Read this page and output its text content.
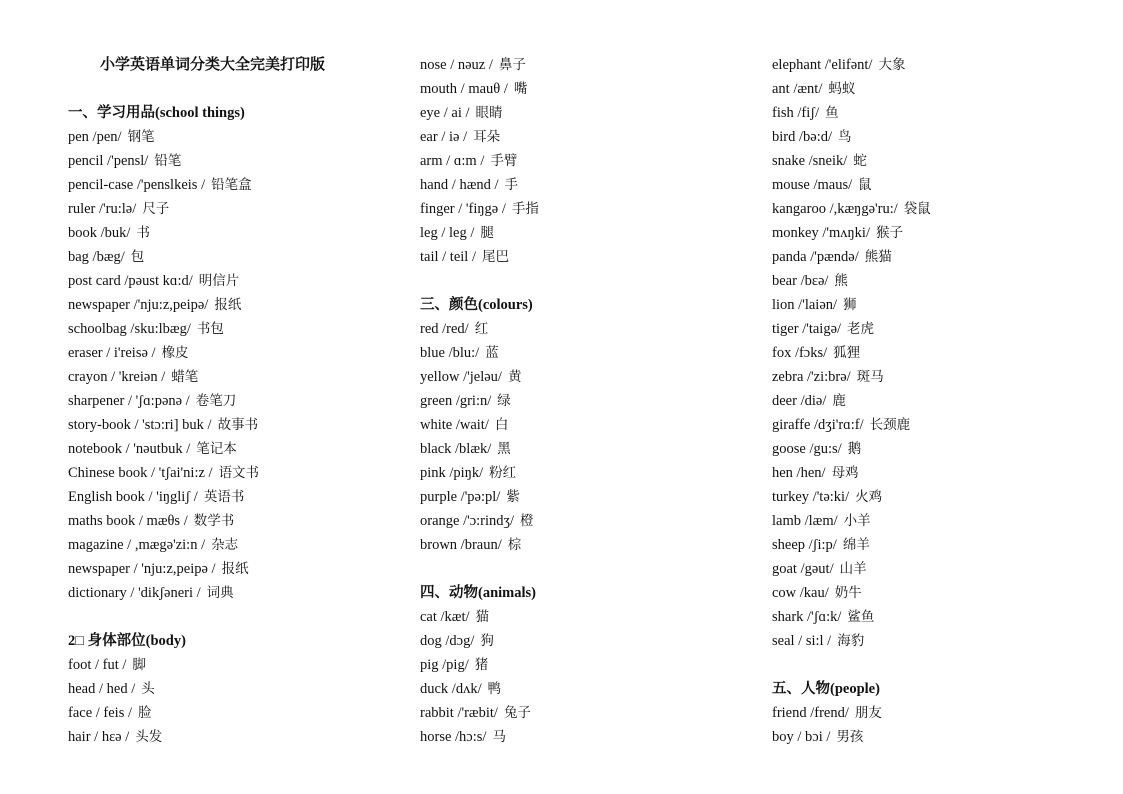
小学英语单词分类大全完美打印版
一、学习用品(school things)
pen /pen/ 钢笔
pencil /'pensl/ 铅笔
pencil-case /'penslkeis / 铅笔盒
ruler /'ru:lə/ 尺子
book /buk/ 书
bag /bæg/ 包
post card /pəust kɑ:d/ 明信片
newspaper /'nju:z,peipə/ 报纸
schoolbag /sku:lbæg/ 书包
eraser / i'reisə / 橡皮
crayon / 'kreiən / 蜡笔
sharpener / 'ʃɑ:pənə / 卷笔刀
story-book / 'stɔ:ri] buk / 故事书
notebook / 'nəutbuk / 笔记本
Chinese book / 'tʃai'ni:z / 语文书
English book / 'iŋgliʃ / 英语书
maths book / mæθs / 数学书
magazine / ,mægə'zi:n / 杂志
newspaper / 'nju:z,peipə / 报纸
dictionary / 'dikʃəneri / 词典
2□ 身体部位(body)
foot / fut / 脚
head / hed / 头
face / feis / 脸
hair / hɛə / 头发
nose / nəuz / 鼻子
mouth / mauθ / 嘴
eye / ai / 眼睛
ear / iə / 耳朵
arm / ɑ:m / 手臂
hand / hænd / 手
finger / 'fiŋgə / 手指
leg / leg / 腿
tail / teil / 尾巴
三、颜色(colours)
red /red/ 红
blue /blu:/ 蓝
yellow /'jeləu/ 黄
green /gri:n/ 绿
white /wait/ 白
black /blæk/ 黑
pink /piŋk/ 粉红
purple /'pə:pl/ 紫
orange /'ɔ:rindʒ/ 橙
brown /braun/ 棕
四、动物(animals)
cat /kæt/ 猫
dog /dɔg/ 狗
pig /pig/ 猪
duck /dʌk/ 鸭
rabbit /'ræbit/ 兔子
horse /hɔ:s/ 马
elephant /'elifənt/ 大象
ant /ænt/ 蚂蚁
fish /fiʃ/ 鱼
bird /bə:d/ 鸟
snake /sneik/ 蛇
mouse /maus/ 鼠
kangaroo /,kæŋgə'ru:/ 袋鼠
monkey /'mʌŋki/ 猴子
panda /'pændə/ 熊猫
bear /bɛə/ 熊
lion /'laiən/ 狮
tiger /'taigə/ 老虎
fox /fɔks/ 狐狸
zebra /'zi:brə/ 斑马
deer /diə/ 鹿
giraffe /dʒi'rɑ:f/ 长颈鹿
goose /gu:s/ 鹅
hen /hen/ 母鸡
turkey /'tə:ki/ 火鸡
lamb /læm/ 小羊
sheep /ʃi:p/ 绵羊
goat /gəut/ 山羊
cow /kau/ 奶牛
shark /'ʃɑ:k/ 鲨鱼
seal / si:l / 海豹
五、人物(people)
friend /frend/ 朋友
boy / bɔi / 男孩
